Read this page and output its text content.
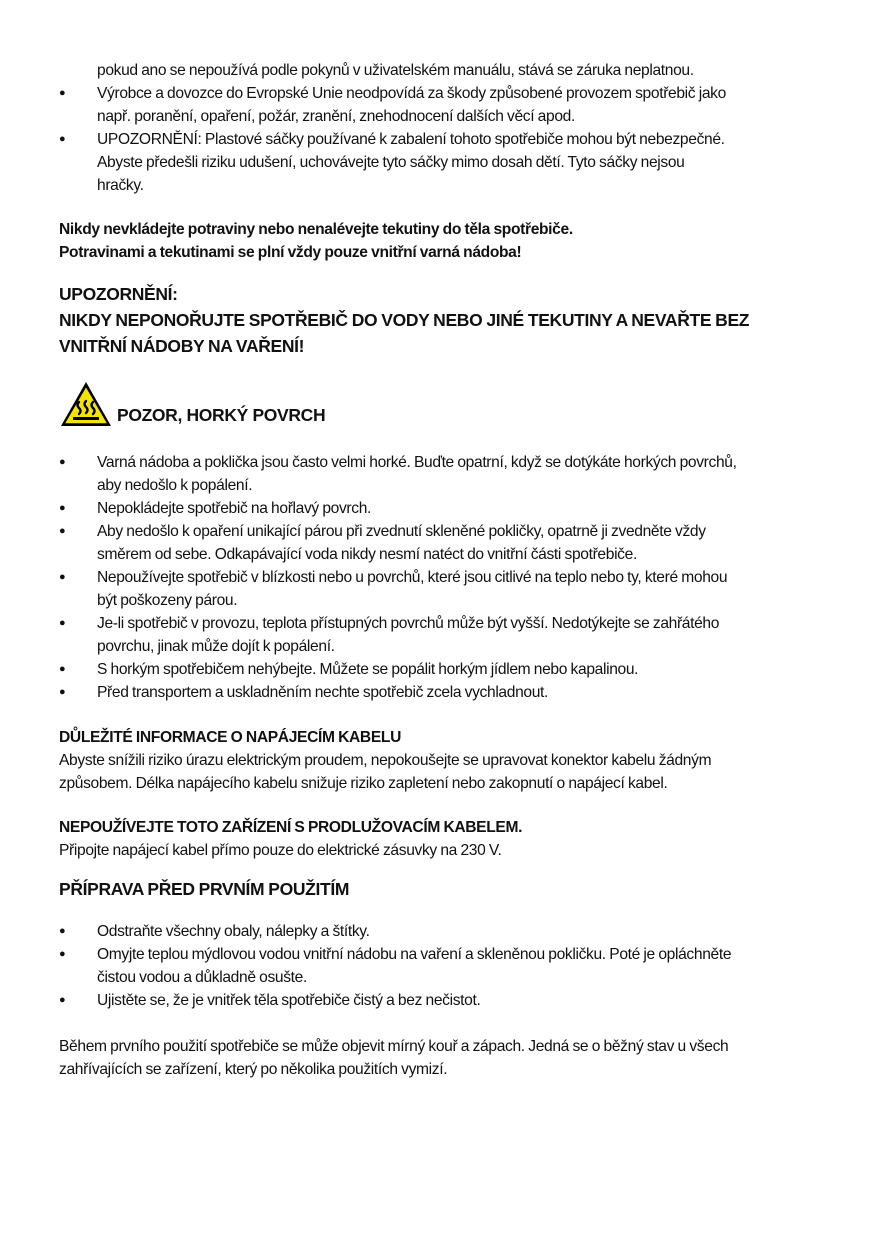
pokud ano se nepoužívá podle pokynů v uživatelském manuálu, stává se záruka neplatnou.
● Výrobce a dovozce do Evropské Unie neodpovídá za škody způsobené provozem spotřebič jako
např. poranění, opaření, požár, zranění, znehodnocení dalších věcí apod.
● UPOZORNĚNÍ: Plastové sáčky používané k zabalení tohoto spotřebiče mohou být nebezpečné.
Abyste předešli riziku udušení, uchovávejte tyto sáčky mimo dosah dětí. Tyto sáčky nejsou
hračky.
Nikdy nevkládejte potraviny nebo nenalévejte tekutiny do těla spotřebiče.
Potravinami a tekutinami se plní vždy pouze vnitřní varná nádoba!
UPOZORNĚNÍ:
NIKDY NEPONOŘUJTE SPOTŘEBIČ DO VODY NEBO JINÉ TEKUTINY A NEVAŘTE BEZ
VNITŘNÍ NÁDOBY NA VAŘENÍ!
POZOR, HORKÝ POVRCH
● Varná nádoba a poklička jsou často velmi horké. Buďte opatrní, když se dotýkáte horkých povrchů,
aby nedošlo k popálení.
● Nepokládejte spotřebič na hořlavý povrch.
● Aby nedošlo k opaření unikající párou při zvednutí skleněné pokličky, opatrně ji zvedněte vždy
směrem od sebe. Odkapávající voda nikdy nesmí natéct do vnitřní části spotřebiče.
● Nepoužívejte spotřebič v blízkosti nebo u povrchů, které jsou citlivé na teplo nebo ty, které mohou
být poškozeny párou.
● Je-li spotřebič v provozu, teplota přístupných povrchů může být vyšší. Nedotýkejte se zahřátého
povrchu, jinak může dojít k popálení.
● S horkým spotřebičem nehýbejte. Můžete se popálit horkým jídlem nebo kapalinou.
● Před transportem a uskladněním nechte spotřebič zcela vychladnout.
DŮLEŽITÉ INFORMACE O NAPÁJECÍM KABELU
Abyste snížili riziko úrazu elektrickým proudem, nepokoušejte se upravovat konektor kabelu žádným
způsobem. Délka napájecího kabelu snižuje riziko zapletení nebo zakopnutí o napájecí kabel.
NEPOUŽÍVEJTE TOTO ZAŘÍZENÍ S PRODLUŽOVACÍM KABELEM.
Připojte napájecí kabel přímo pouze do elektrické zásuvky na 230 V.
PŘÍPRAVA PŘED PRVNÍM POUŽITÍM
● Odstraňte všechny obaly, nálepky a štítky.
● Omyjte teplou mýdlovou vodou vnitřní nádobu na vaření a skleněnou pokličku. Poté je opláchněte
čistou vodou a důkladně osušte.
● Ujistěte se, že je vnitřek těla spotřebiče čistý a bez nečistot.
Během prvního použití spotřebiče se může objevit mírný kouř a zápach. Jedná se o běžný stav u všech
zahřívajících se zařízení, který po několika použitích vymizí.
